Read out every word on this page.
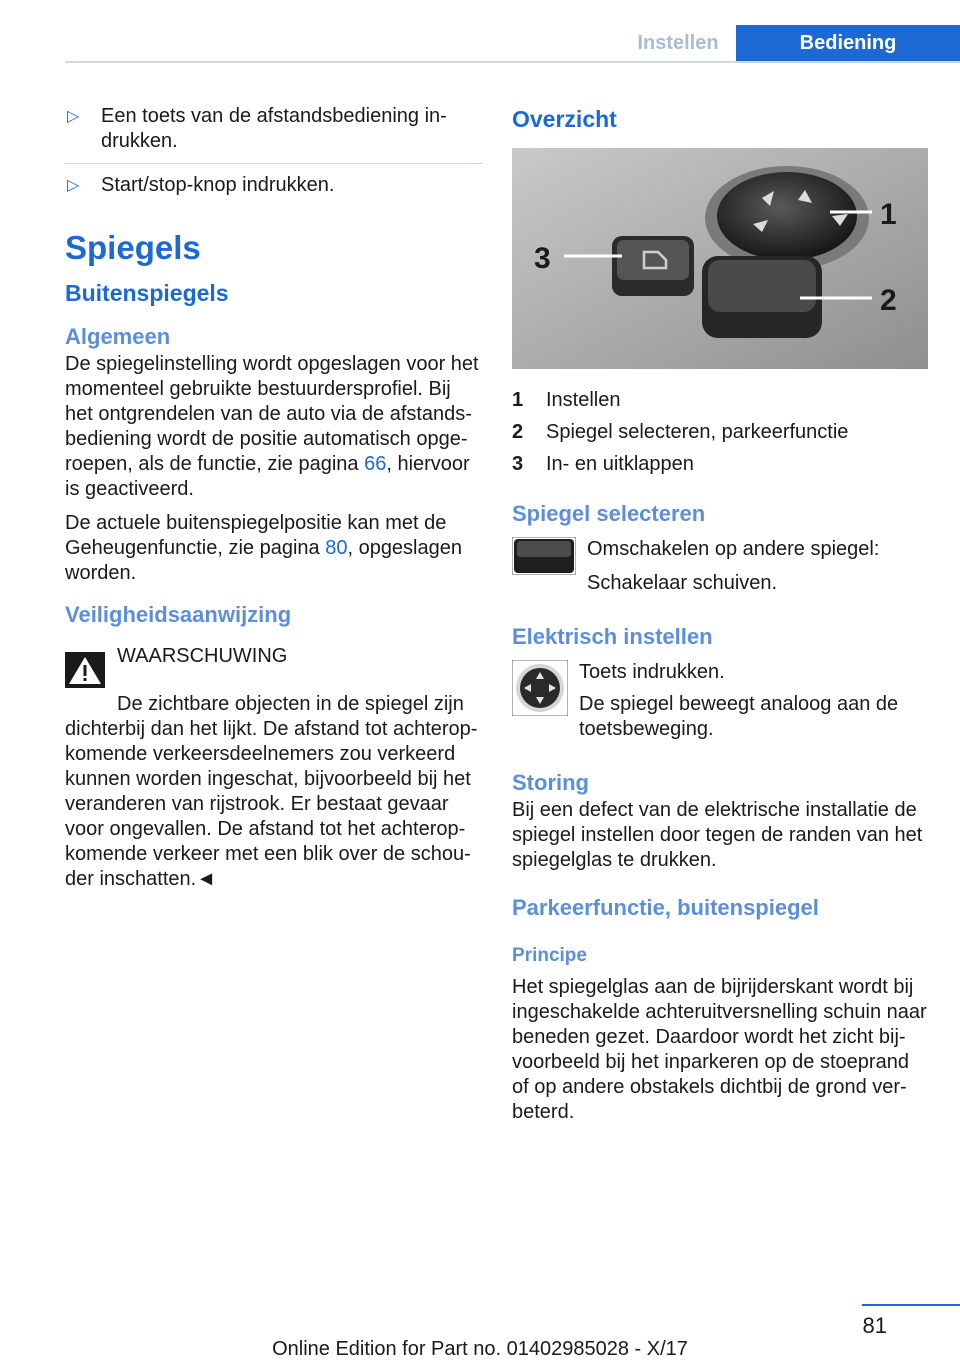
Instellen	Bediening
▷	Een toets van de afstandsbediening in-drukken.
▷	Start/stop-knop indrukken.
Spiegels
Buitenspiegels
Algemeen

De spiegelinstelling wordt opgeslagen voor het momenteel gebruikte bestuurdersprofiel. Bij het ontgrendelen van de auto via de afstands-bediening wordt de positie automatisch opge-roepen, als de functie, zie pagina 66, hiervoor is geactiveerd.

De actuele buitenspiegelpositie kan met de Geheugenfunctie, zie pagina 80, opgeslagen worden.

Veiligheidsaanwijzing
WAARSCHUWING

De zichtbare objecten in de spiegel zijn dichterbij dan het lijkt. De afstand tot achterop-komende verkeersdeelnemers zou verkeerd kunnen worden ingeschat, bijvoorbeeld bij het veranderen van rijstrook. Er bestaat gevaar voor ongevallen. De afstand tot het achterop-komende verkeer met een blik over de schou-der inschatten.◄

Overzicht
1
2
3
1	Instellen
2	Spiegel selecteren, parkeerfunctie
3	In- en uitklappen
Spiegel selecteren

Omschakelen op andere spiegel:

Schakelaar schuiven.

Elektrisch instellen

Toets indrukken.

De spiegel beweegt analoog aan de toetsbeweging.

Storing

Bij een defect van de elektrische installatie de spiegel instellen door tegen de randen van het spiegelglas te drukken.

Parkeerfunctie, buitenspiegel
Principe

Het spiegelglas aan de bijrijderskant wordt bij ingeschakelde achteruitversnelling schuin naar beneden gezet. Daardoor wordt het zicht bij-voorbeeld bij het inparkeren op de stoeprand of op andere obstakels dichtbij de grond ver-beterd.

81
Online Edition for Part no. 01402985028 - X/17
